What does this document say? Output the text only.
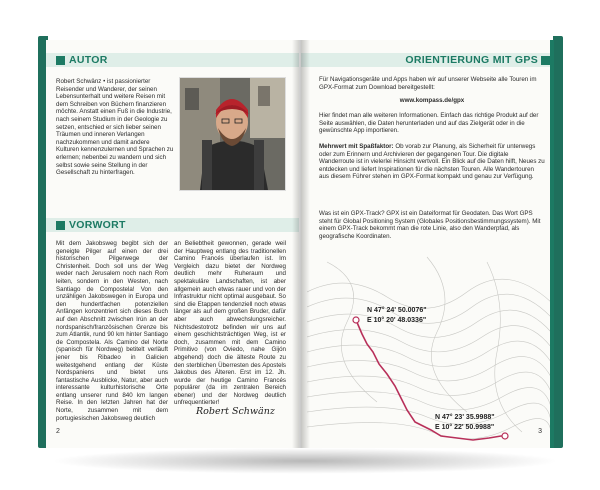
AUTOR
Robert Schwänz • ist passionierter Reisender und Wanderer, der seinen Lebensunterhalt und weitere Reisen mit dem Schreiben von Büchern finanzieren möchte. Anstatt einen Fuß in die Industrie, nach seinem Studium in der Geologie zu setzen, entschied er sich lieber seinen Träumen und inneren Verlangen nachzukommen und damit andere Kulturen kennenzulernen und Sprachen zu erlernen; nebenbei zu wandern und sich selbst sowie seine Stellung in der Gesellschaft zu hinterfragen.
VORWORT
Mit dem Jakobsweg begibt sich der geneigte Pilger auf einen der drei historischen Pilgerwege der Christenheit. Doch soll uns der Weg weder nach Jerusalem noch nach Rom leiten, sondern in den Westen, nach Santiago de Compostela! Von den unzähligen Jakobswegen in Europa und den hundertfachen potenziellen Anfängen konzentriert sich dieses Buch auf den Abschnitt zwischen Irún an der nordspanisch/französischen Grenze bis zum Atlantik, rund 90 km hinter Santiago de Compostela. Als Camino del Norte (spanisch für Nordweg) betitelt verläuft jener bis Ribadeo in Galicien weitestgehend entlang der Küste Nordspaniens und bietet uns fantastische Ausblicke, Natur, aber auch interessante kulturhistorische Orte entlang unserer rund 840 km langen Reise. In den letzten Jahren hat der Norte, zusammen mit dem portugiesischen Jakobsweg deutlich
an Beliebtheit gewonnen, gerade weil der Hauptweg entlang des traditionellen Camino Francés überlaufen ist. Im Vergleich dazu bietet der Nordweg deutlich mehr Ruheraum und spektakuläre Landschaften, ist aber allgemein auch etwas rauer und von der Infrastruktur nicht optimal ausgebaut. So sind die Etappen tendenziell noch etwas länger als auf dem großen Bruder, dafür aber auch abwechslungsreicher. Nichtsdestotrotz befinden wir uns auf einem geschichtsträchtigen Weg, ist er doch, zusammen mit dem Camino Primitivo (von Oviedo, nahe Gijón abgehend) doch die älteste Route zu den sterblichen Überresten des Apostels Jakobus des Älteren. Erst im 12. Jh. wurde der heutige Camino Francés populärer (da im zentralen Bereich ebener) und der Nordweg deutlich unfrequentierter!
Robert Schwänz
2
ORIENTIERUNG MIT GPS
Für Navigationsgeräte und Apps haben wir auf unserer Webseite alle Touren im GPX-Format zum Download bereitgestellt:
www.kompass.de/gpx
Hier findet man alle weiteren Informationen. Einfach das richtige Produkt auf der Seite auswählen, die Daten herunterladen und auf das Zielgerät oder in die gewünschte App importieren.
Mehrwert mit Spaßfaktor: Ob vorab zur Planung, als Sicherheit für unterwegs oder zum Erinnern und Archivieren der gegangenen Tour. Die digitale Wanderroute ist in vielerlei Hinsicht wertvoll. Ein Blick auf die Daten hilft, Neues zu entdecken und liefert Inspirationen für die nächsten Touren. Alle Wandertouren aus diesem Führer stehen im GPX-Format kompakt und genau zur Verfügung.
Was ist ein GPX-Track? GPX ist ein Dateiformat für Geodaten. Das Wort GPS steht für Global Positioning System (Globales Positionsbestimmungssystem). Mit einem GPX-Track bekommt man die rote Linie, also den Wanderpfad, als geografische Koordinaten.
N 47° 24' 50.0076"
E 10° 20' 48.0336"
N 47° 23' 35.9988"
E 10° 22' 50.9988"
3
